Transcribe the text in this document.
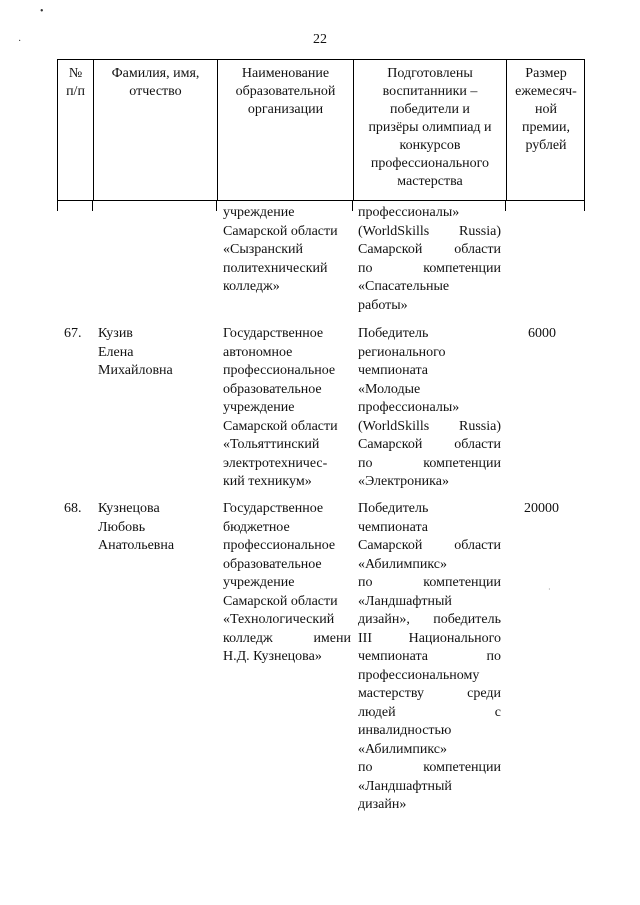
22
•
·
·
№
п/п
Фамилия, имя,
отчество
Наименование
образовательной
организации
Подготовлены
воспитанники –
победители и
призёры олимпиад и
конкурсов
профессионального
мастерства
Размер
ежемесяч-
ной
премии,
рублей
учреждение
Самарской области
«Сызранский
политехнический
колледж»
профессионалы»
(WorldSkills Russia)
Самарской области
по компетенции
«Спасательные
работы»
67. Кузив
Елена
Михайловна
Государственное
автономное
профессиональное
образовательное
учреждение
Самарской области
«Тольяттинский
электротехничес-
кий техникум»
Победитель
регионального
чемпионата
«Молодые
профессионалы»
(WorldSkills Russia)
Самарской области
по компетенции
«Электроника»
6000
68. Кузнецова
Любовь
Анатольевна
Государственное
бюджетное
профессиональное
образовательное
учреждение
Самарской области
«Технологический
колледж имени
Н.Д. Кузнецова»
Победитель
чемпионата
Самарской области
«Абилимпикс»
по компетенции
«Ландшафтный
дизайн», победитель
III Национального
чемпионата по
профессиональному
мастерству среди
людей с
инвалидностью
«Абилимпикс»
по компетенции
«Ландшафтный
дизайн»
20000
